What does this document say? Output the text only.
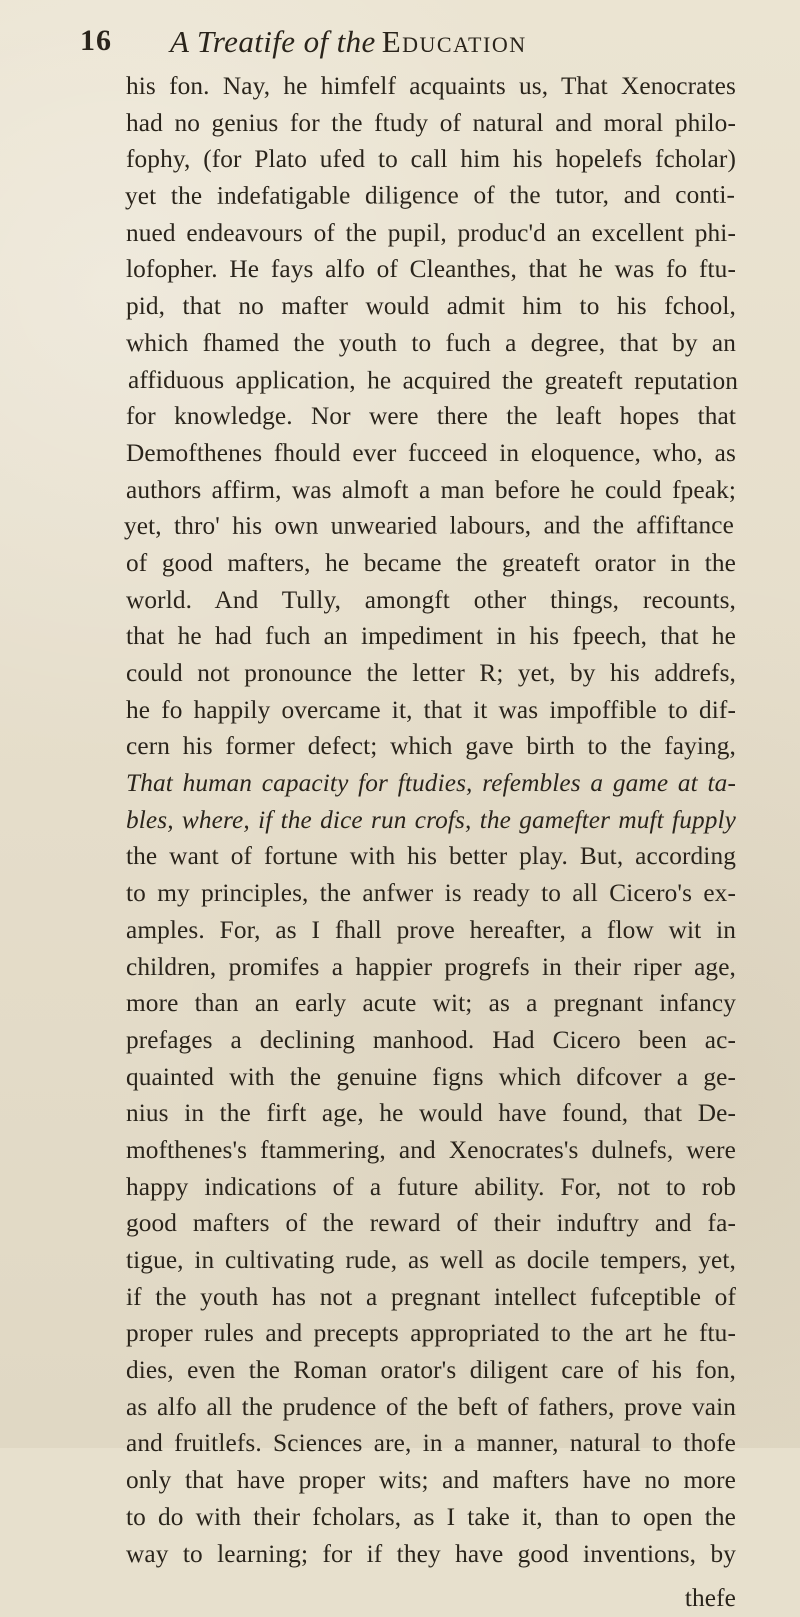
16 A Treatife of the Education
his fon. Nay, he himfelf acquaints us, That Xenocrates
had no genius for the ftudy of natural and moral philo-
fophy, (for Plato ufed to call him his hopelefs fcholar)
yet the indefatigable diligence of the tutor, and conti-
nued endeavours of the pupil, produc'd an excellent phi-
lofopher. He fays alfo of Cleanthes, that he was fo ftu-
pid, that no mafter would admit him to his fchool,
which fhamed the youth to fuch a degree, that by an
affiduous application, he acquired the greateft reputation
for knowledge. Nor were there the leaft hopes that
Demofthenes fhould ever fucceed in eloquence, who, as
authors affirm, was almoft a man before he could fpeak;
yet, thro' his own unwearied labours, and the affiftance
of good mafters, he became the greateft orator in the
world. And Tully, amongft other things, recounts,
that he had fuch an impediment in his fpeech, that he
could not pronounce the letter R; yet, by his addrefs,
he fo happily overcame it, that it was impoffible to dif-
cern his former defect; which gave birth to the faying,
That human capacity for ftudies, refembles a game at ta-
bles, where, if the dice run crofs, the gamefter muft fupply
the want of fortune with his better play. But, according
to my principles, the anfwer is ready to all Cicero's ex-
amples. For, as I fhall prove hereafter, a flow wit in
children, promifes a happier progrefs in their riper age,
more than an early acute wit; as a pregnant infancy
prefages a declining manhood. Had Cicero been ac-
quainted with the genuine figns which difcover a ge-
nius in the firft age, he would have found, that De-
mofthenes's ftammering, and Xenocrates's dulnefs, were
happy indications of a future ability. For, not to rob
good mafters of the reward of their induftry and fa-
tigue, in cultivating rude, as well as docile tempers, yet,
if the youth has not a pregnant intellect fufceptible of
proper rules and precepts appropriated to the art he ftu-
dies, even the Roman orator's diligent care of his fon,
as alfo all the prudence of the beft of fathers, prove vain
and fruitlefs. Sciences are, in a manner, natural to thofe
only that have proper wits; and mafters have no more
to do with their fcholars, as I take it, than to open the
way to learning; for if they have good inventions, by
thefe
